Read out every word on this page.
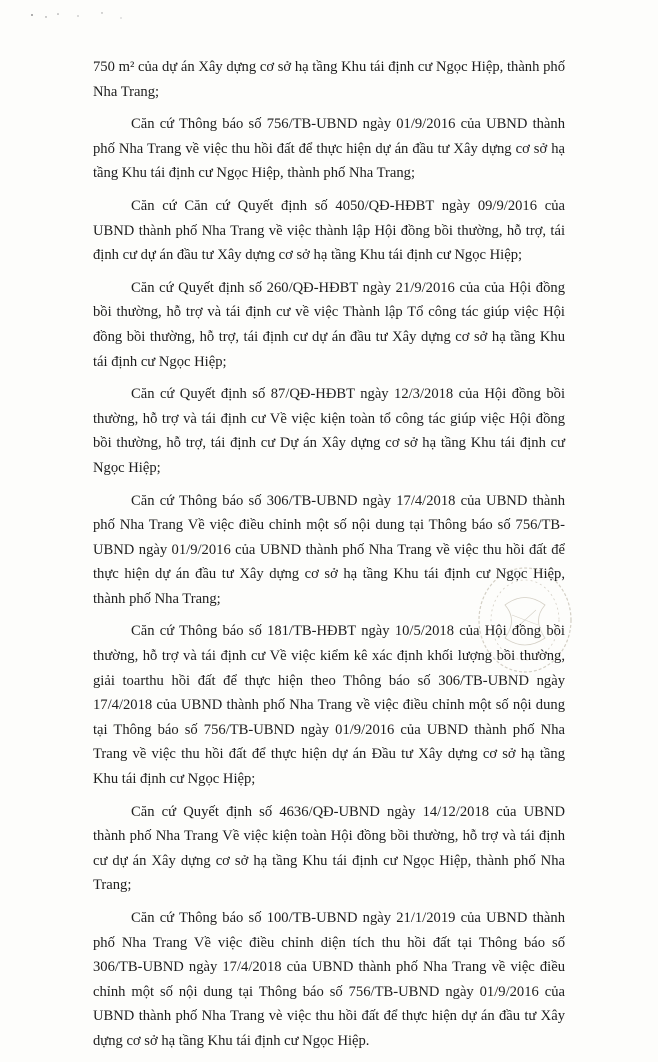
750 m² của dự án Xây dựng cơ sở hạ tầng Khu tái định cư Ngọc Hiệp, thành phố Nha Trang;

Căn cứ Thông báo số 756/TB-UBND ngày 01/9/2016 của UBND thành phố Nha Trang về việc thu hồi đất để thực hiện dự án đầu tư Xây dựng cơ sở hạ tầng Khu tái định cư Ngọc Hiệp, thành phố Nha Trang;

Căn cứ Căn cứ Quyết định số 4050/QĐ-HĐBT ngày 09/9/2016 của UBND thành phố Nha Trang về việc thành lập Hội đồng bồi thường, hỗ trợ, tái định cư dự án đầu tư Xây dựng cơ sở hạ tầng Khu tái định cư Ngọc Hiệp;

Căn cứ Quyết định số 260/QĐ-HĐBT ngày 21/9/2016 của của Hội đồng bồi thường, hỗ trợ và tái định cư về việc Thành lập Tổ công tác giúp việc Hội đồng bồi thường, hỗ trợ, tái định cư dự án đầu tư Xây dựng cơ sở hạ tầng Khu tái định cư Ngọc Hiệp;

Căn cứ Quyết định số 87/QĐ-HĐBT ngày 12/3/2018 của Hội đồng bồi thường, hỗ trợ và tái định cư Về việc kiện toàn tổ công tác giúp việc Hội đồng bồi thường, hỗ trợ, tái định cư Dự án Xây dựng cơ sở hạ tầng Khu tái định cư Ngọc Hiệp;

Căn cứ Thông báo số 306/TB-UBND ngày 17/4/2018 của UBND thành phố Nha Trang Về việc điều chỉnh một số nội dung tại Thông báo số 756/TB-UBND ngày 01/9/2016 của UBND thành phố Nha Trang về việc thu hồi đất để thực hiện dự án đầu tư Xây dựng cơ sở hạ tầng Khu tái định cư Ngọc Hiệp, thành phố Nha Trang;

Căn cứ Thông báo số 181/TB-HĐBT ngày 10/5/2018 của Hội đồng bồi thường, hỗ trợ và tái định cư Về việc kiểm kê xác định khối lượng bồi thường, giải toarthu hồi đất để thực hiện theo Thông báo số 306/TB-UBND ngày 17/4/2018 của UBND thành phố Nha Trang về việc điều chỉnh một số nội dung tại Thông báo số 756/TB-UBND ngày 01/9/2016 của UBND thành phố Nha Trang về việc thu hồi đất để thực hiện dự án Đầu tư Xây dựng cơ sở hạ tầng Khu tái định cư Ngọc Hiệp;

Căn cứ Quyết định số 4636/QĐ-UBND ngày 14/12/2018 của UBND thành phố Nha Trang Về việc kiện toàn Hội đồng bồi thường, hỗ trợ và tái định cư dự án Xây dựng cơ sở hạ tầng Khu tái định cư Ngọc Hiệp, thành phố Nha Trang;

Căn cứ Thông báo số 100/TB-UBND ngày 21/1/2019 của UBND thành phố Nha Trang Về việc điều chỉnh diện tích thu hồi đất tại Thông báo số 306/TB-UBND ngày 17/4/2018 của UBND thành phố Nha Trang về việc điều chỉnh một số nội dung tại Thông báo số 756/TB-UBND ngày 01/9/2016 của UBND thành phố Nha Trang vè việc thu hồi đất để thực hiện dự án đầu tư Xây dựng cơ sở hạ tầng Khu tái định cư Ngọc Hiệp.
